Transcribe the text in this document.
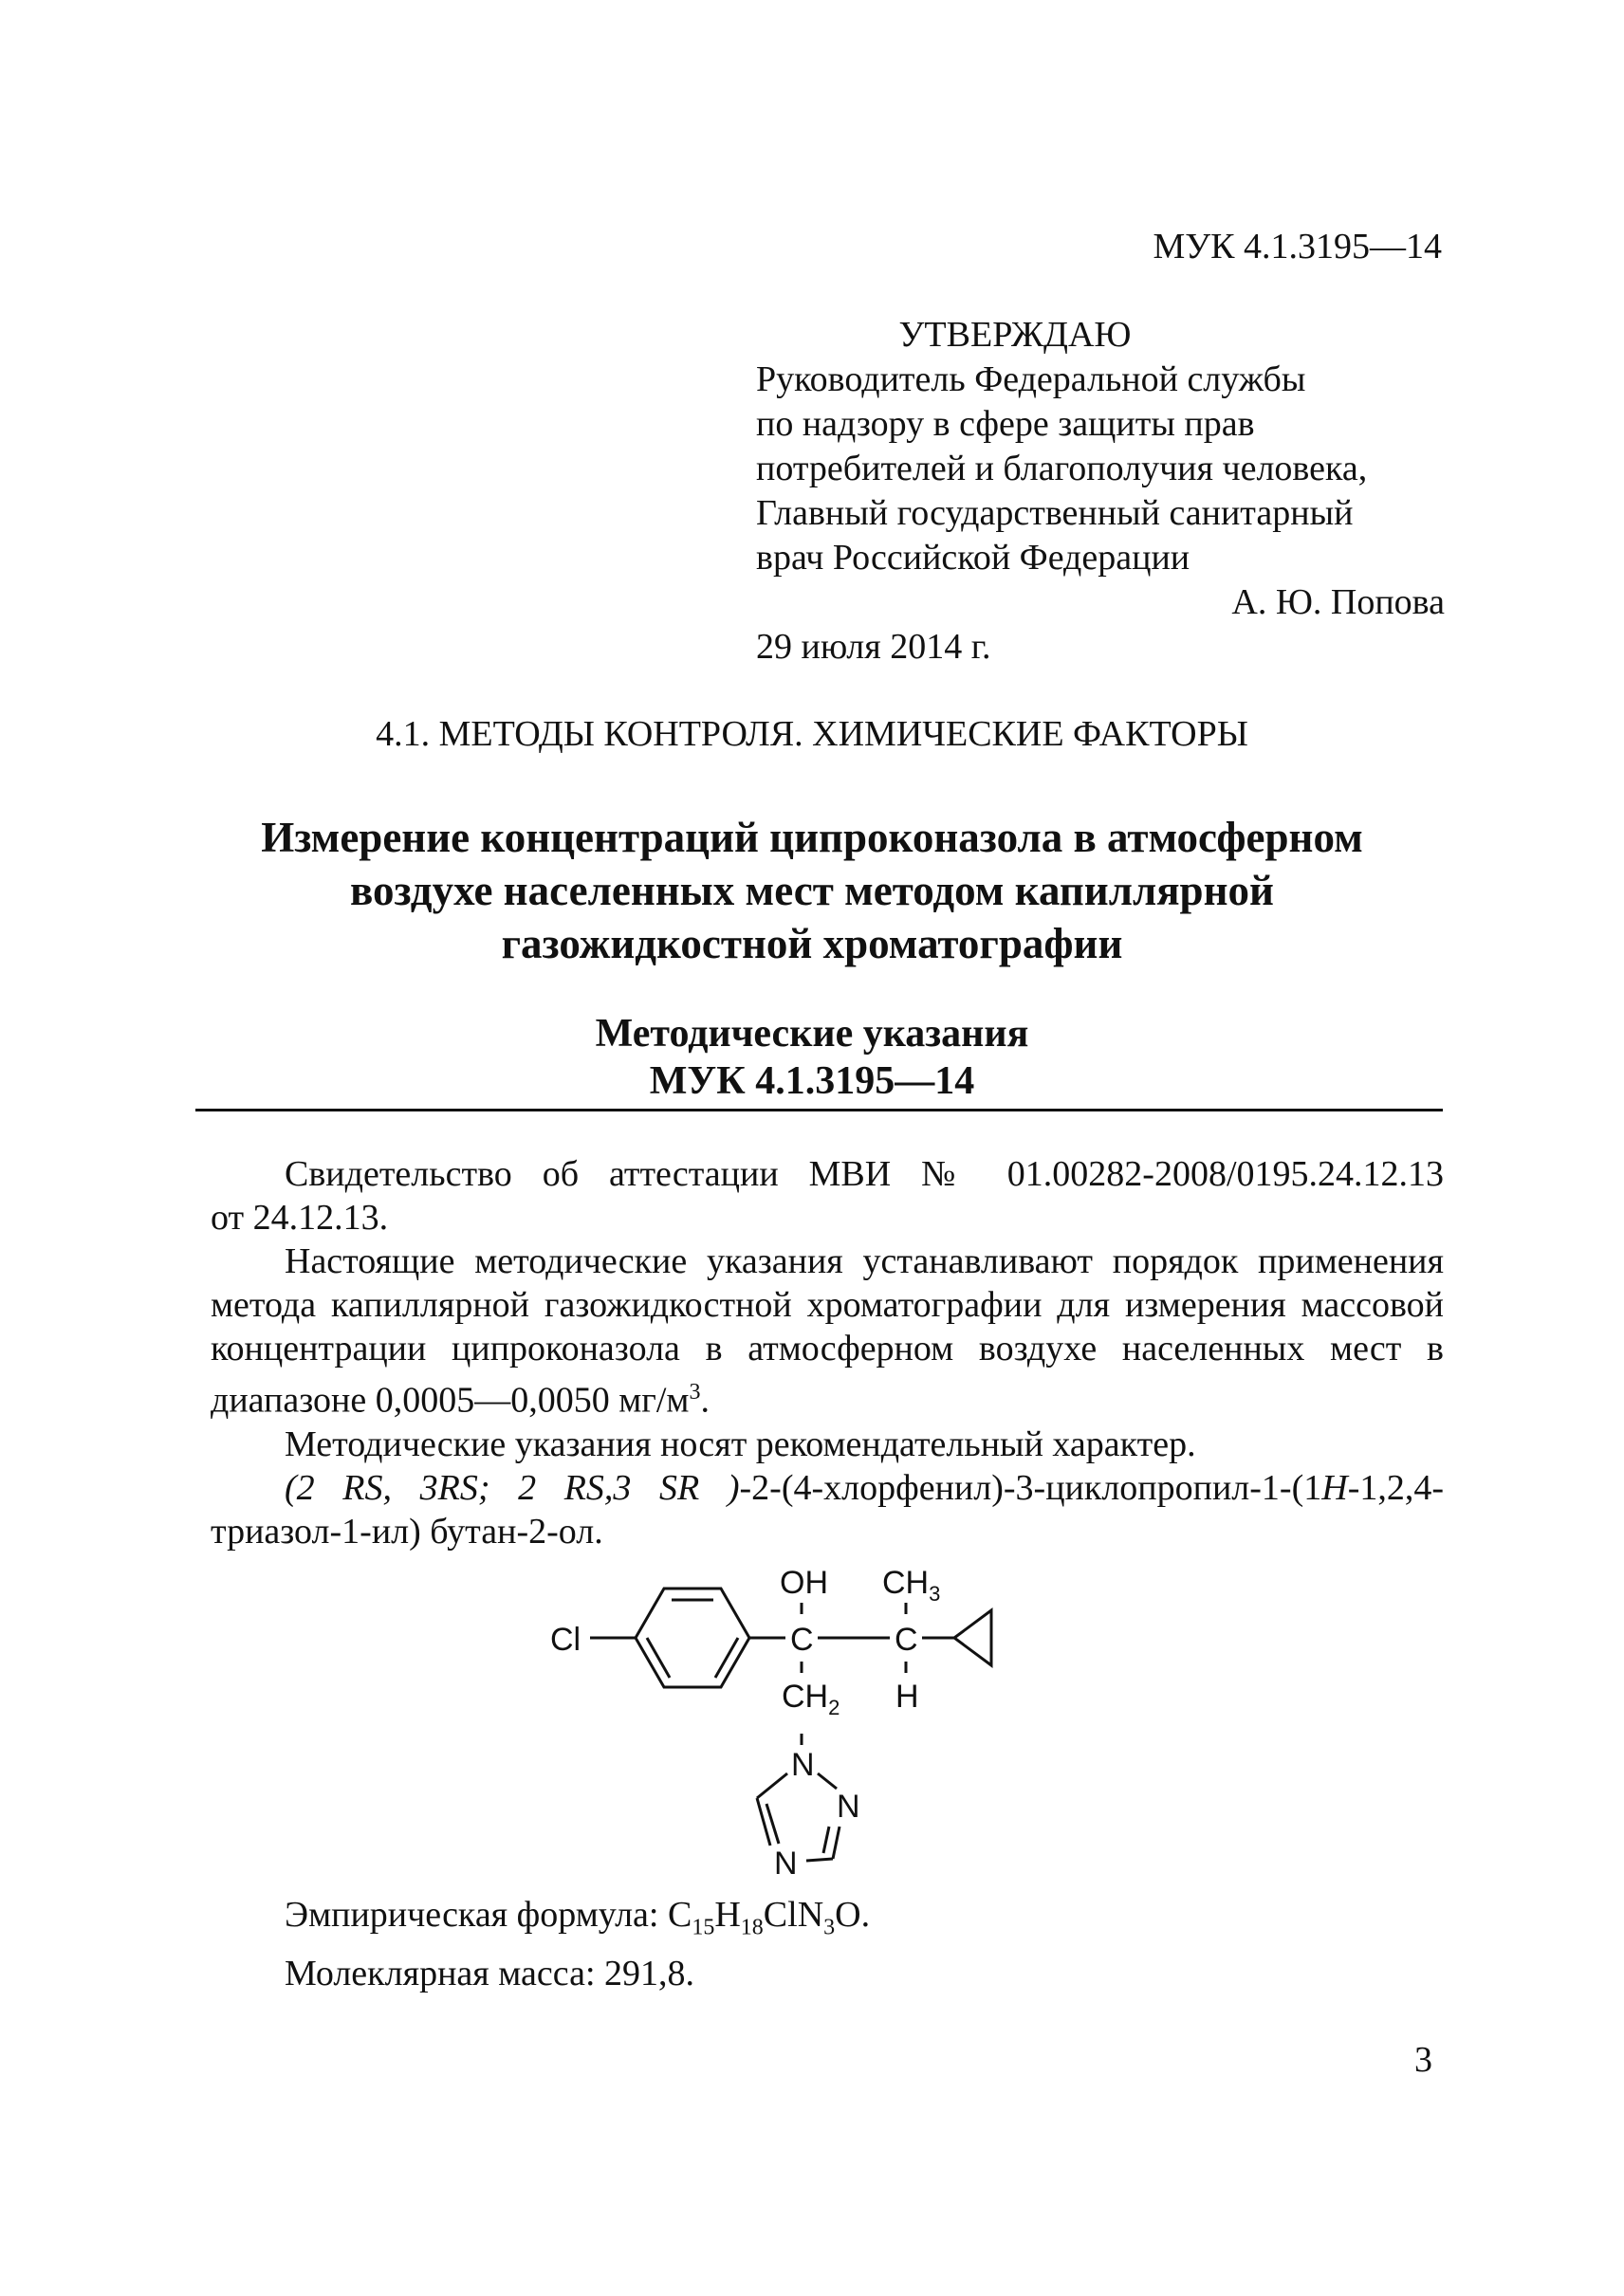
МУК 4.1.3195—14
УТВЕРЖДАЮ
Руководитель Федеральной службы
по надзору в сфере защиты прав
потребителей и благополучия человека,
Главный государственный санитарный
врач Российской Федерации
А. Ю. Попова
29 июля 2014 г.
4.1. МЕТОДЫ КОНТРОЛЯ. ХИМИЧЕСКИЕ ФАКТОРЫ
Измерение концентраций ципроконазола в атмосферном
воздухе населенных мест методом капиллярной
газожидкостной хроматографии
Методические указания
МУК 4.1.3195—14

Свидетельство об аттестации МВИ № 01.00282-2008/0195.24.12.13

от 24.12.13.

Настоящие методические указания устанавливают порядок применения метода капиллярной газожидкостной хроматографии для измерения массовой концентрации ципроконазола в атмосферном воздухе населенных мест в диапазоне 0,0005—0,0050 $мг/м^3$.

Методические указания носят рекомендательный характер.

(2 RS, 3RS; 2 RS,3 SR )-2-(4-хлорфенил)-3-циклопропил-1-(1H-1,2,4-

триазол-1-ил) бутан-2-ол.

Cl
OH $CH_3$
C	C
H
$CH_2$
N
N
N
Эмпирическая формула: $C_{15}H_{18}ClN_3O$.
Молеклярная масса: 291,8.
3
